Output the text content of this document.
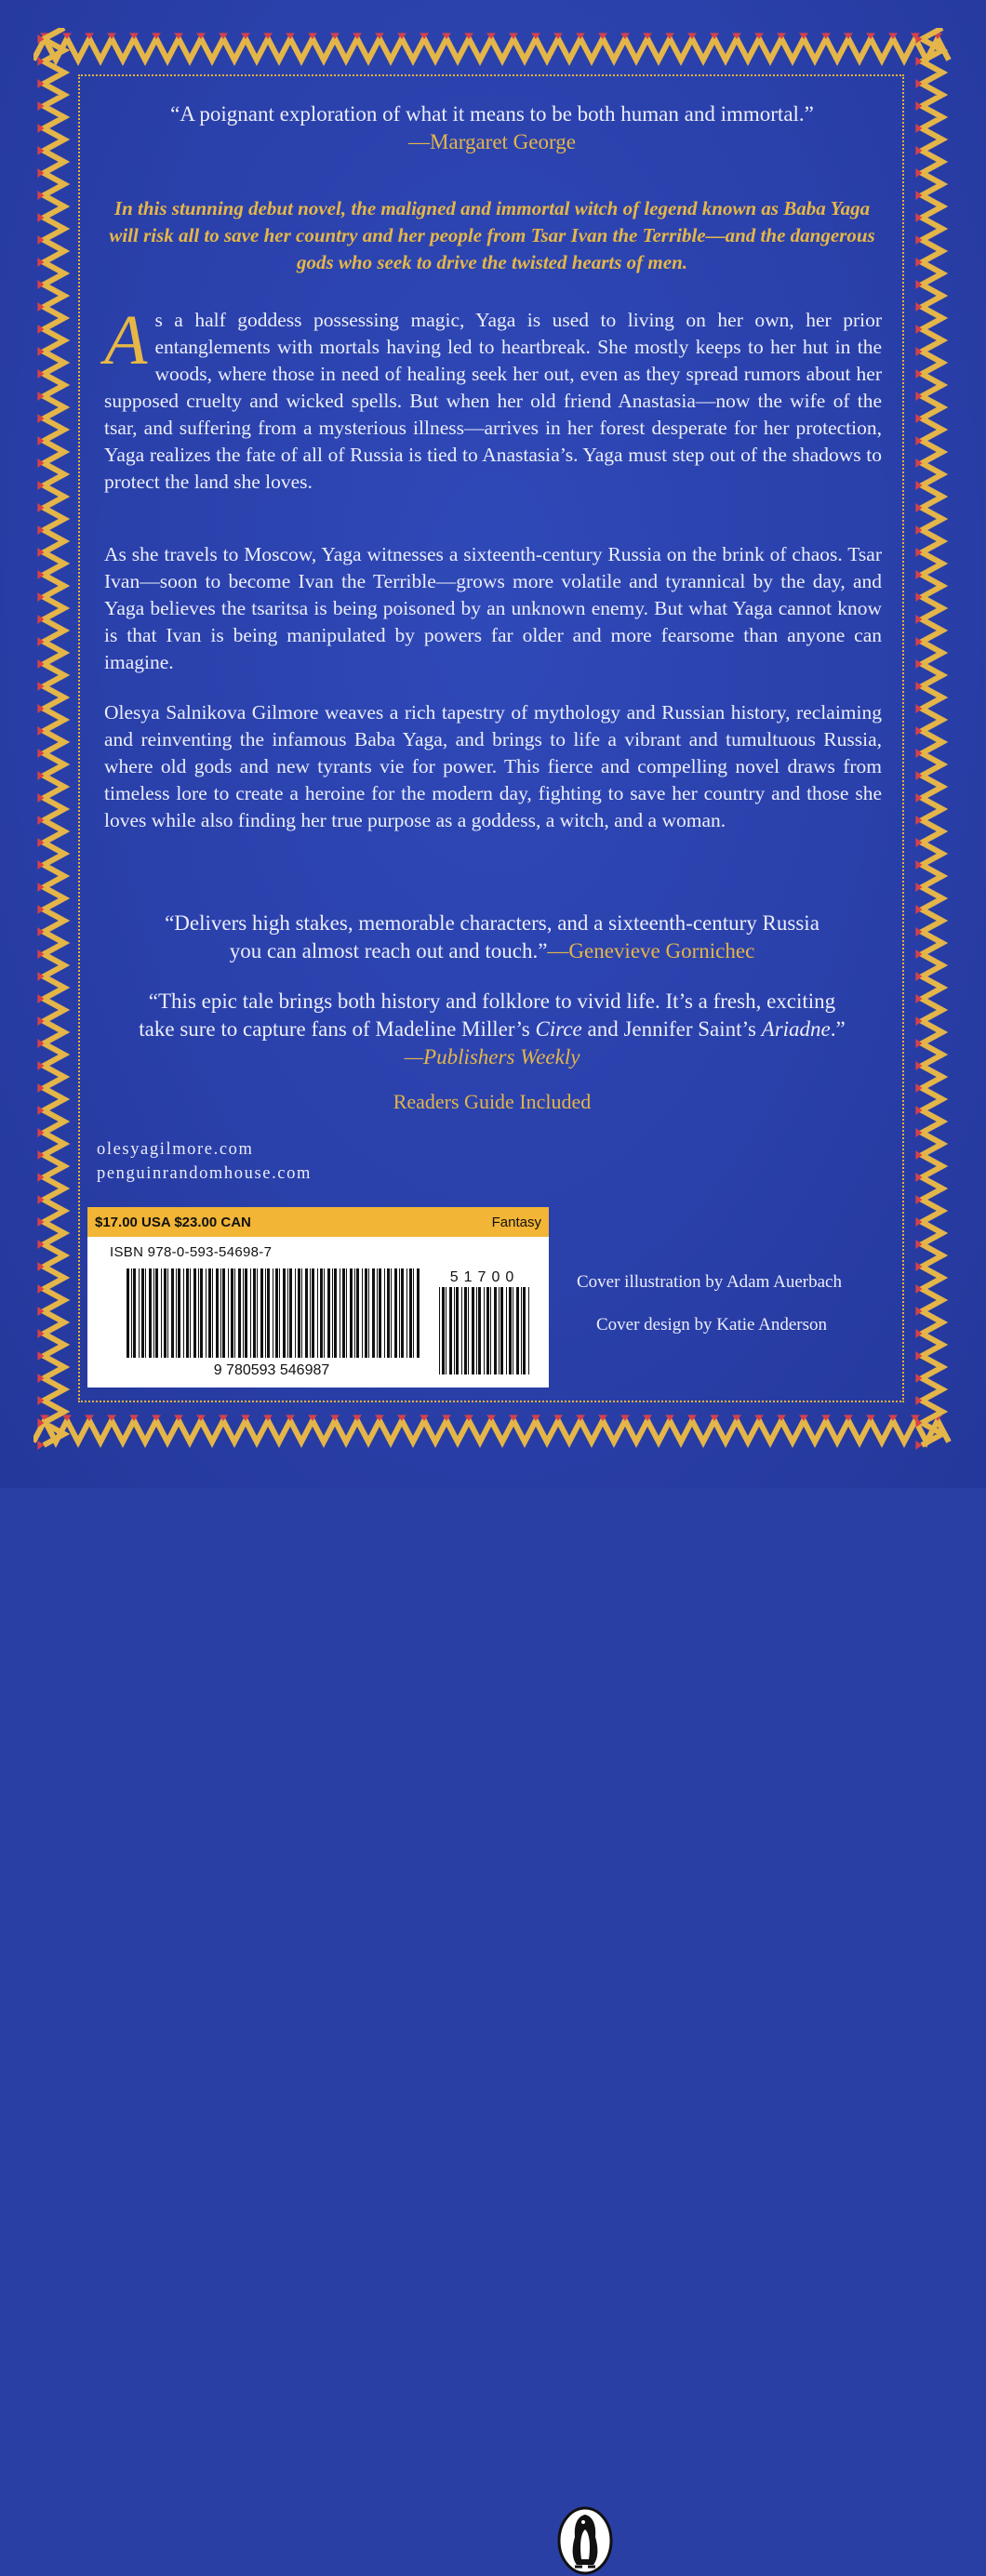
“A poignant exploration of what it means to be both human and immortal.”
—Margaret George
In this stunning debut novel, the maligned and immortal witch of legend known as Baba Yaga will risk all to save her country and her people from Tsar Ivan the Terrible—and the dangerous gods who seek to drive the twisted hearts of men.

As a half goddess possessing magic, Yaga is used to living on her own, her prior entanglements with mortals having led to heartbreak. She mostly keeps to her hut in the woods, where those in need of healing seek her out, even as they spread rumors about her supposed cruelty and wicked spells. But when her old friend Anastasia—now the wife of the tsar, and suffering from a mysterious illness—arrives in her forest desperate for her protection, Yaga realizes the fate of all of Russia is tied to Anastasia’s. Yaga must step out of the shadows to protect the land she loves.

As she travels to Moscow, Yaga witnesses a sixteenth-century Russia on the brink of chaos. Tsar Ivan—soon to become Ivan the Terrible—grows more volatile and tyrannical by the day, and Yaga believes the tsaritsa is being poisoned by an unknown enemy. But what Yaga cannot know is that Ivan is being manipulated by powers far older and more fearsome than anyone can imagine.

Olesya Salnikova Gilmore weaves a rich tapestry of mythology and Russian history, reclaiming and reinventing the infamous Baba Yaga, and brings to life a vibrant and tumultuous Russia, where old gods and new tyrants vie for power. This fierce and compelling novel draws from timeless lore to create a heroine for the modern day, fighting to save her country and those she loves while also finding her true purpose as a goddess, a witch, and a woman.

“Delivers high stakes, memorable characters, and a sixteenth-century Russia
you can almost reach out and touch.”—Genevieve Gornichec
“This epic tale brings both history and folklore to vivid life. It’s a fresh, exciting
take sure to capture fans of Madeline Miller’s Circe and Jennifer Saint’s Ariadne.”
—Publishers Weekly
Readers Guide Included
olesyagilmore.com
penguinrandomhouse.com
$17.00 USA $23.00 CAN	Fantasy
ISBN 978-0-593-54698-7
9 780593 546987
51700	Cover illustration by Adam Auerbach
Cover design by Katie Anderson
